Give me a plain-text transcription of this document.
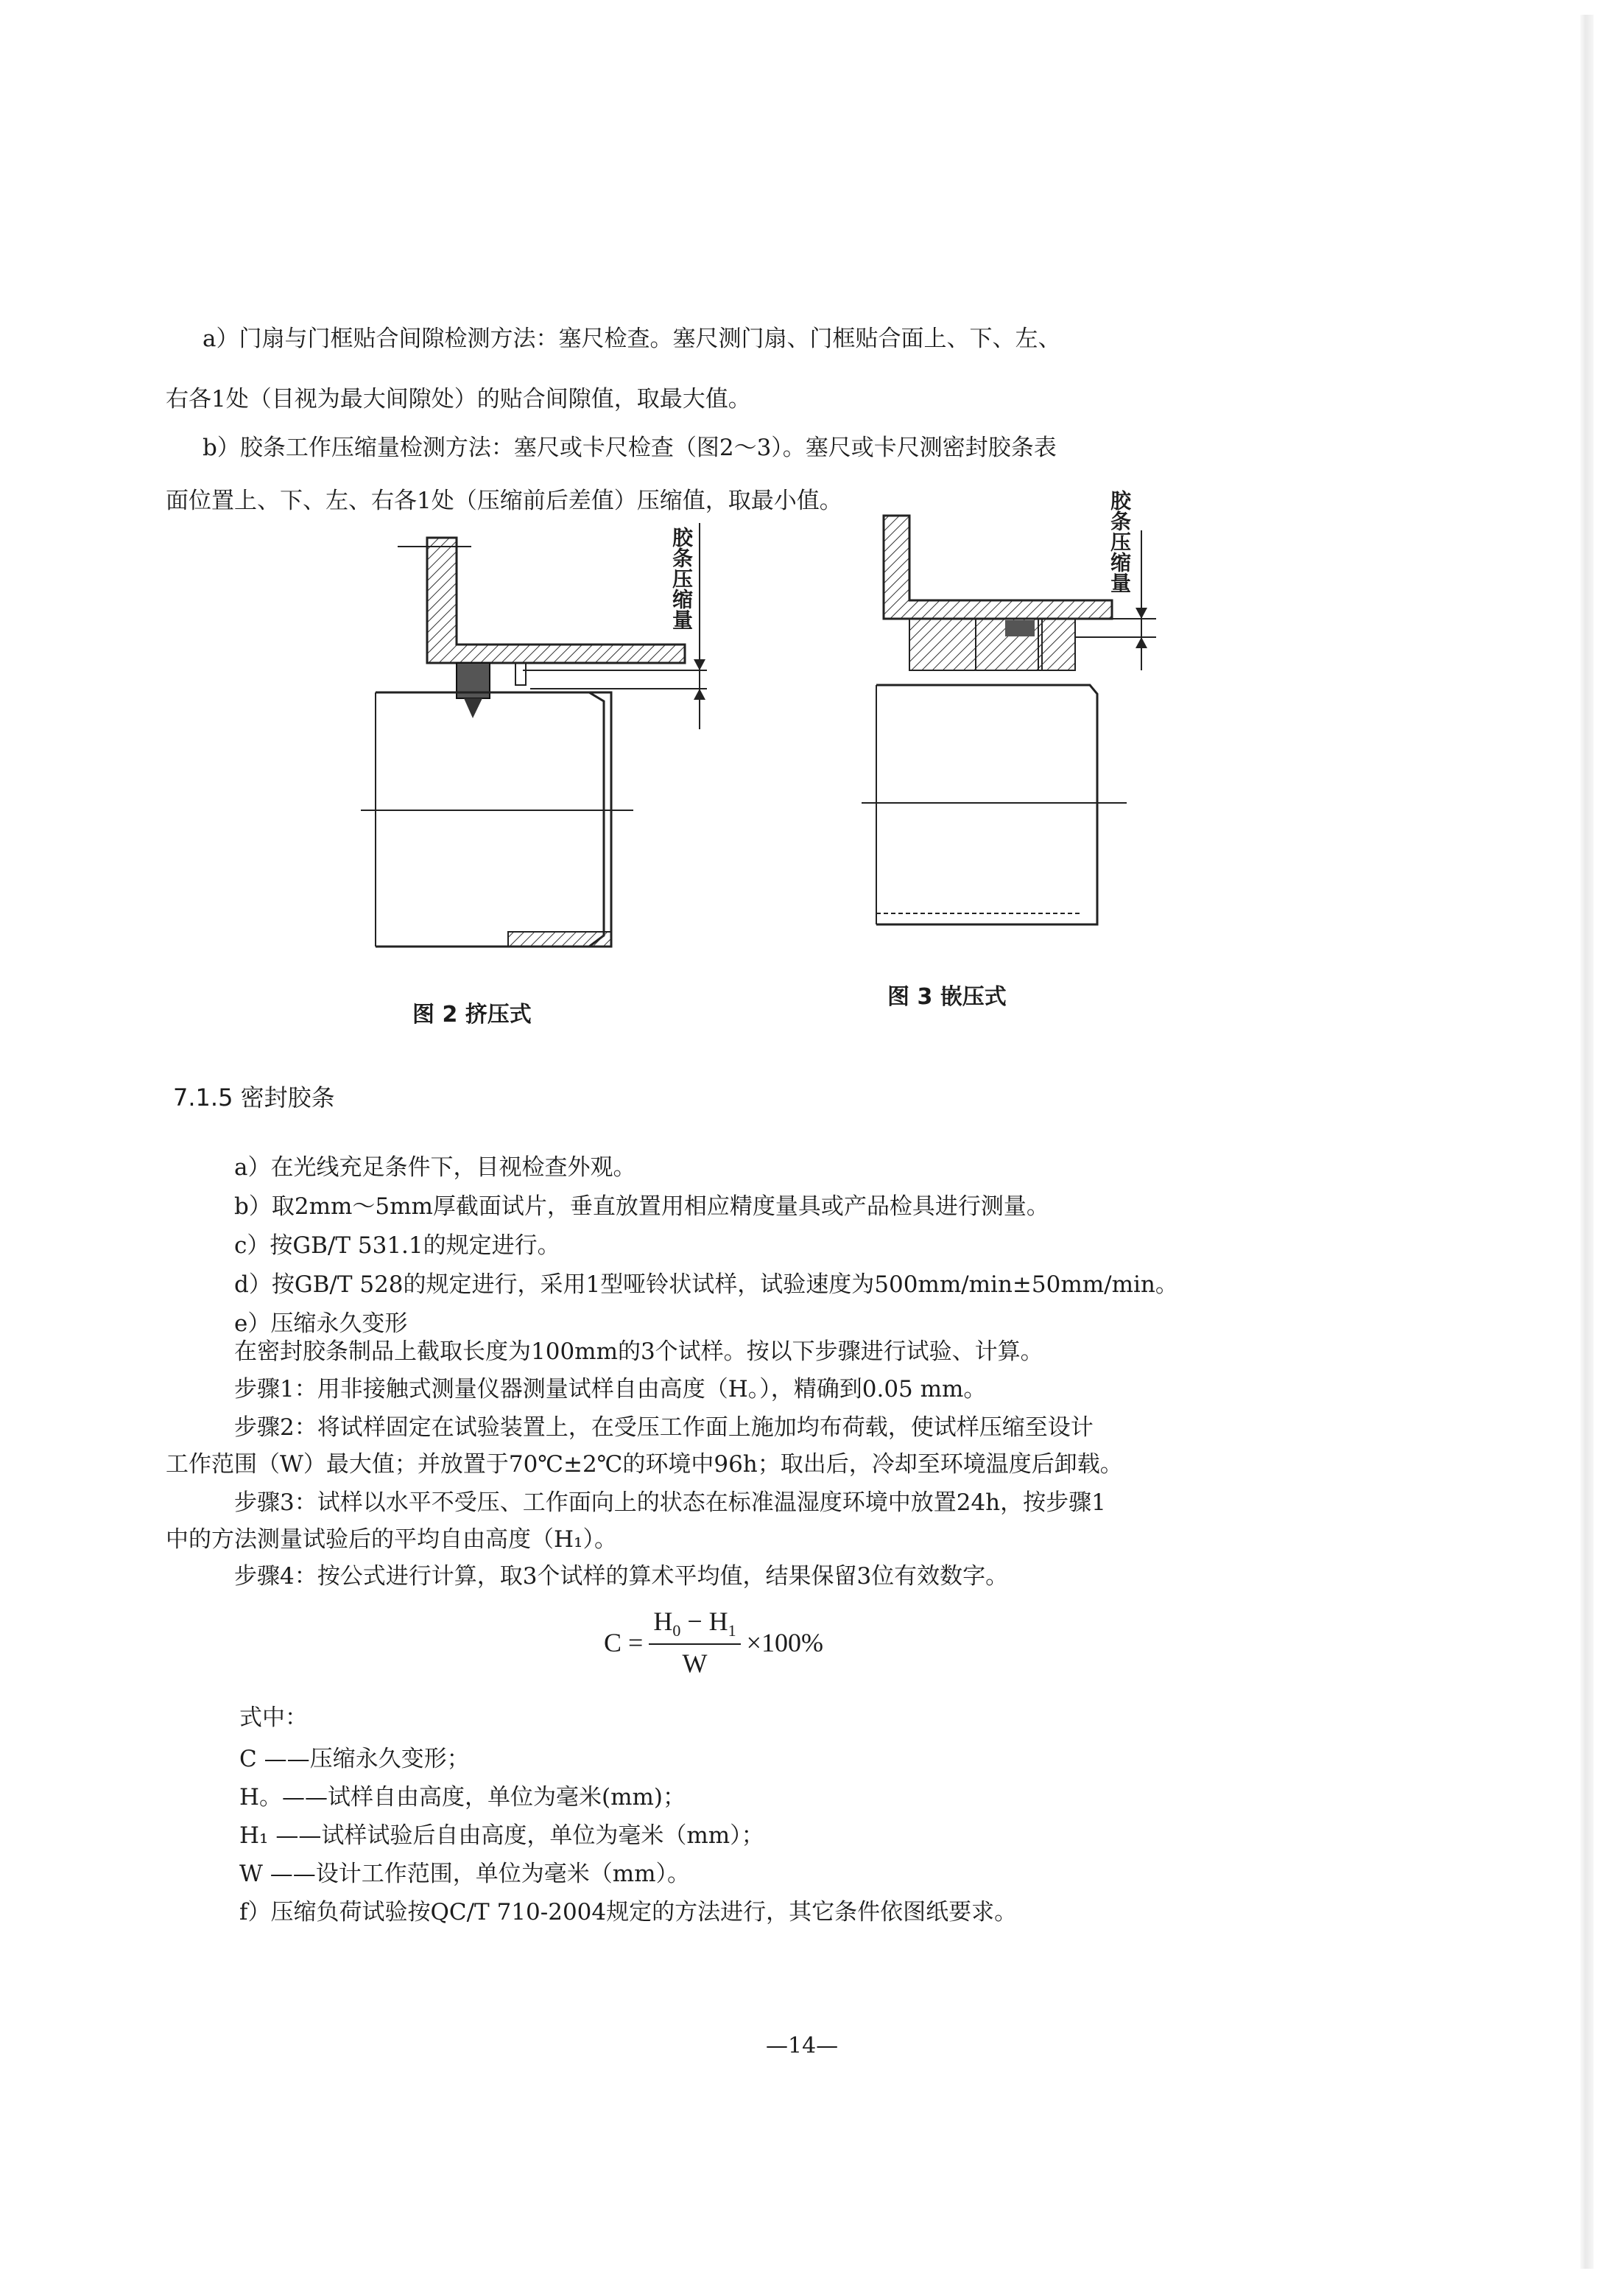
a）门扇与门框贴合间隙检测方法：塞尺检查。塞尺测门扇、门框贴合面上、下、左、
右各1处（目视为最大间隙处）的贴合间隙值，取最大值。
b）胶条工作压缩量检测方法：塞尺或卡尺检查（图2～3）。塞尺或卡尺测密封胶条表
面位置上、下、左、右各1处（压缩前后差值）压缩值，取最小值。
胶条压缩量
图 2 挤压式
胶条压缩量
图 3 嵌压式
7.1.5 密封胶条
a）在光线充足条件下，目视检查外观。
b）取2mm～5mm厚截面试片，垂直放置用相应精度量具或产品检具进行测量。
c）按GB/T 531.1的规定进行。
d）按GB/T 528的规定进行，采用1型哑铃状试样，试验速度为500mm/min±50mm/min。
e）压缩永久变形
在密封胶条制品上截取长度为100mm的3个试样。按以下步骤进行试验、计算。
步骤1：用非接触式测量仪器测量试样自由高度（H。），精确到0.05 mm。
步骤2：将试样固定在试验装置上，在受压工作面上施加均布荷载，使试样压缩至设计
工作范围（W）最大值；并放置于70℃±2℃的环境中96h；取出后，冷却至环境温度后卸载。
步骤3：试样以水平不受压、工作面向上的状态在标准温湿度环境中放置24h，按步骤1
中的方法测量试验后的平均自由高度（H₁）。
步骤4：按公式进行计算，取3个试样的算术平均值，结果保留3位有效数字。
$C = \frac{H_0 - H_1}{W} \times 100\%$
式中：
C ——压缩永久变形；
H。——试样自由高度，单位为毫米(mm)；
H₁ ——试样试验后自由高度，单位为毫米（mm）；
W ——设计工作范围，单位为毫米（mm）。
f）压缩负荷试验按QC/T 710-2004规定的方法进行，其它条件依图纸要求。
—14—
